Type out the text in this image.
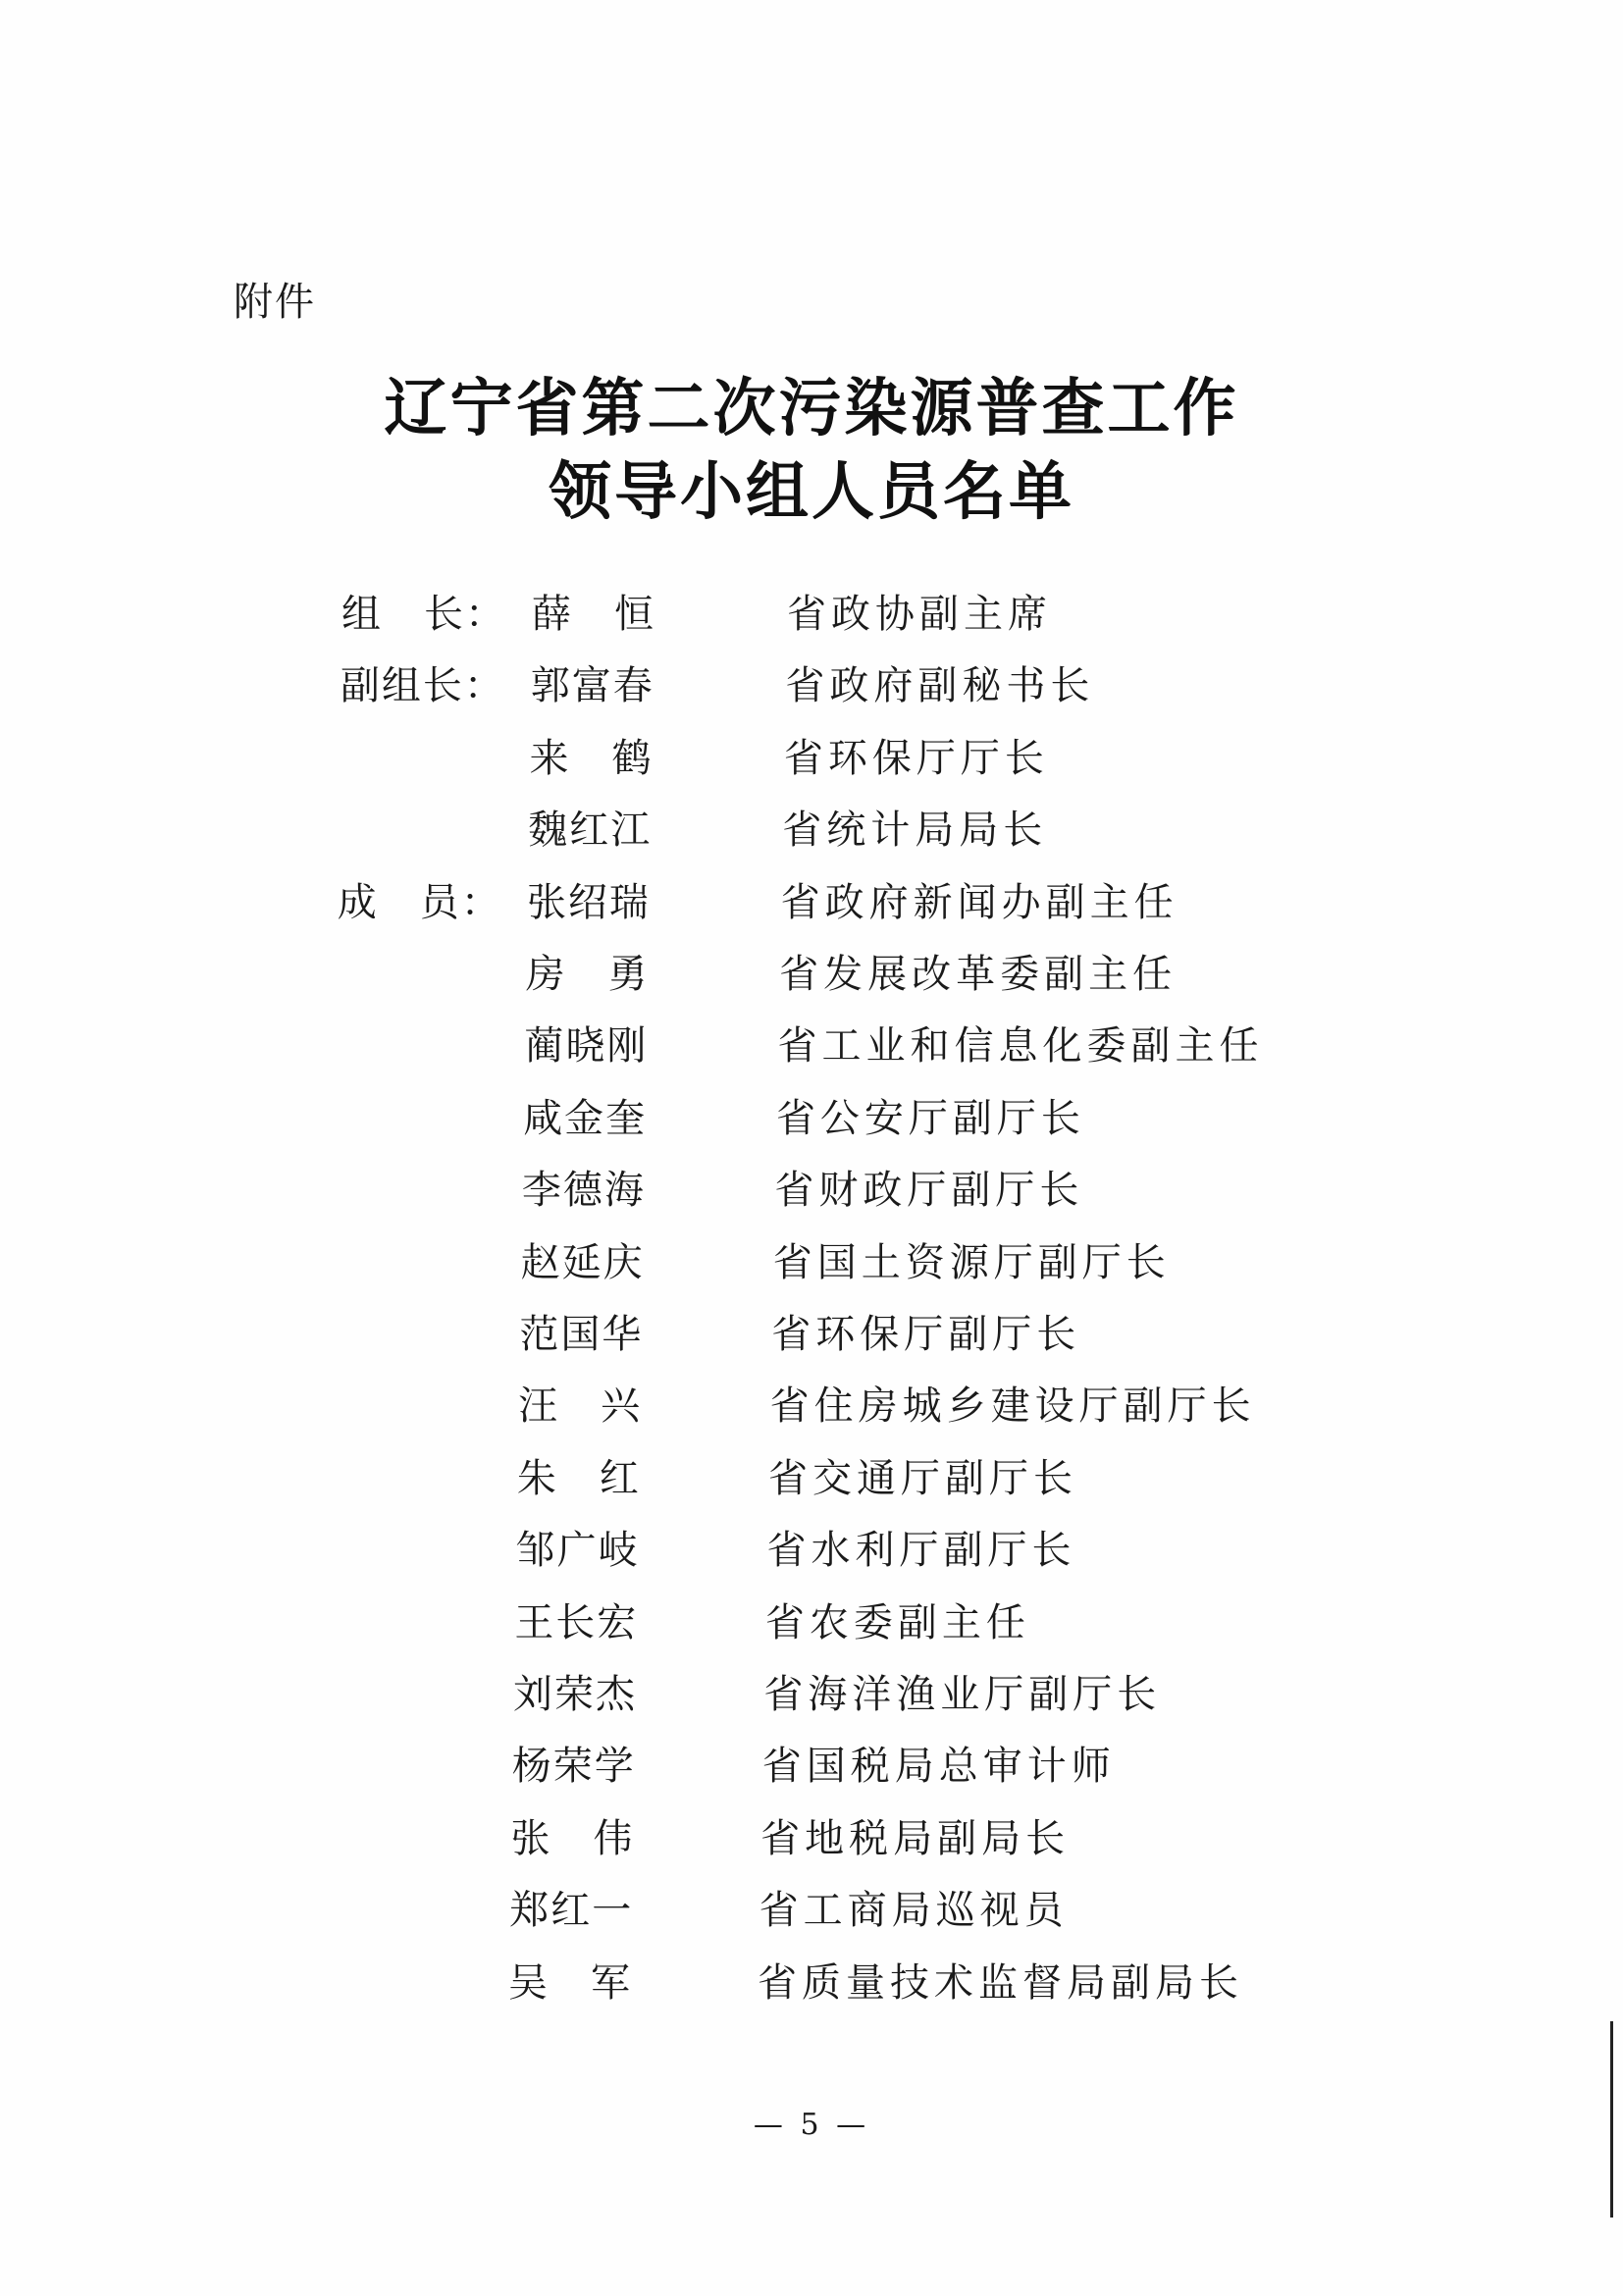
附件
辽宁省第二次污染源普查工作
领导小组人员名单
组　长： 薛　恒	省政协副主席
副组长： 郭富春	省政府副秘书长
来　鹤	省环保厅厅长
魏红江	省统计局局长
成　员： 张绍瑞	省政府新闻办副主任
房　勇	省发展改革委副主任
蔺晓刚	省工业和信息化委副主任
咸金奎	省公安厅副厅长
李德海	省财政厅副厅长
赵延庆	省国土资源厅副厅长
范国华	省环保厅副厅长
汪　兴	省住房城乡建设厅副厅长
朱　红	省交通厅副厅长
邹广岐	省水利厅副厅长
王长宏	省农委副主任
刘荣杰	省海洋渔业厅副厅长
杨荣学	省国税局总审计师
张　伟	省地税局副局长
郑红一	省工商局巡视员
吴　军	省质量技术监督局副局长
— 5 —
